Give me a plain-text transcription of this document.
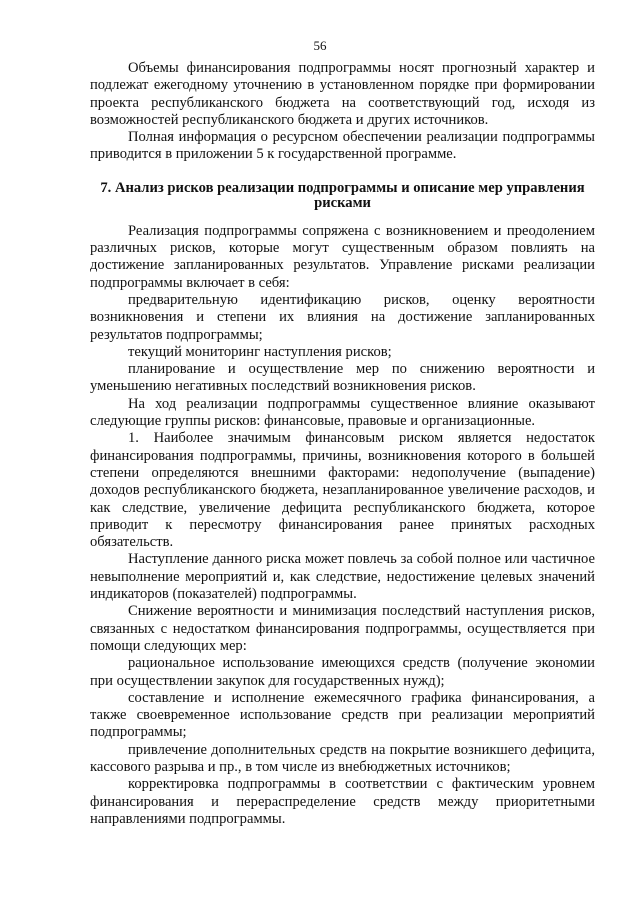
56

Объемы финансирования подпрограммы носят прогнозный характер и подлежат ежегодному уточнению в установленном порядке при формировании проекта республиканского бюджета на соответствующий год, исходя из возможностей республиканского бюджета и других источников.

Полная информация о ресурсном обеспечении реализации подпрограммы приводится в приложении 5 к государственной программе.

7. Анализ рисков реализации подпрограммы и описание мер управления рисками

Реализация подпрограммы сопряжена с возникновением и преодолением различных рисков, которые могут существенным образом повлиять на достижение запланированных результатов. Управление рисками реализации подпрограммы включает в себя:

предварительную идентификацию рисков, оценку вероятности возникновения и степени их влияния на достижение запланированных результатов подпрограммы;

текущий мониторинг наступления рисков;

планирование и осуществление мер по снижению вероятности и уменьшению негативных последствий возникновения рисков.

На ход реализации подпрограммы существенное влияние оказывают следующие группы рисков: финансовые, правовые и организационные.

1. Наиболее значимым финансовым риском является недостаток финансирования подпрограммы, причины, возникновения которого в большей степени определяются внешними факторами: недополучение (выпадение) доходов республиканского бюджета, незапланированное увеличение расходов, и как следствие, увеличение дефицита республиканского бюджета, которое приводит к пересмотру финансирования ранее принятых расходных обязательств.

Наступление данного риска может повлечь за собой полное или частичное невыполнение мероприятий и, как следствие, недостижение целевых значений индикаторов (показателей) подпрограммы.

Снижение вероятности и минимизация последствий наступления рисков, связанных с недостатком финансирования подпрограммы, осуществляется при помощи следующих мер:

рациональное использование имеющихся средств (получение экономии при осуществлении закупок для государственных нужд);

составление и исполнение ежемесячного графика финансирования, а также своевременное использование средств при реализации мероприятий подпрограммы;

привлечение дополнительных средств на покрытие возникшего дефицита, кассового разрыва и пр., в том числе из внебюджетных источников;

корректировка подпрограммы в соответствии с фактическим уровнем финансирования и перераспределение средств между приоритетными направлениями подпрограммы.
